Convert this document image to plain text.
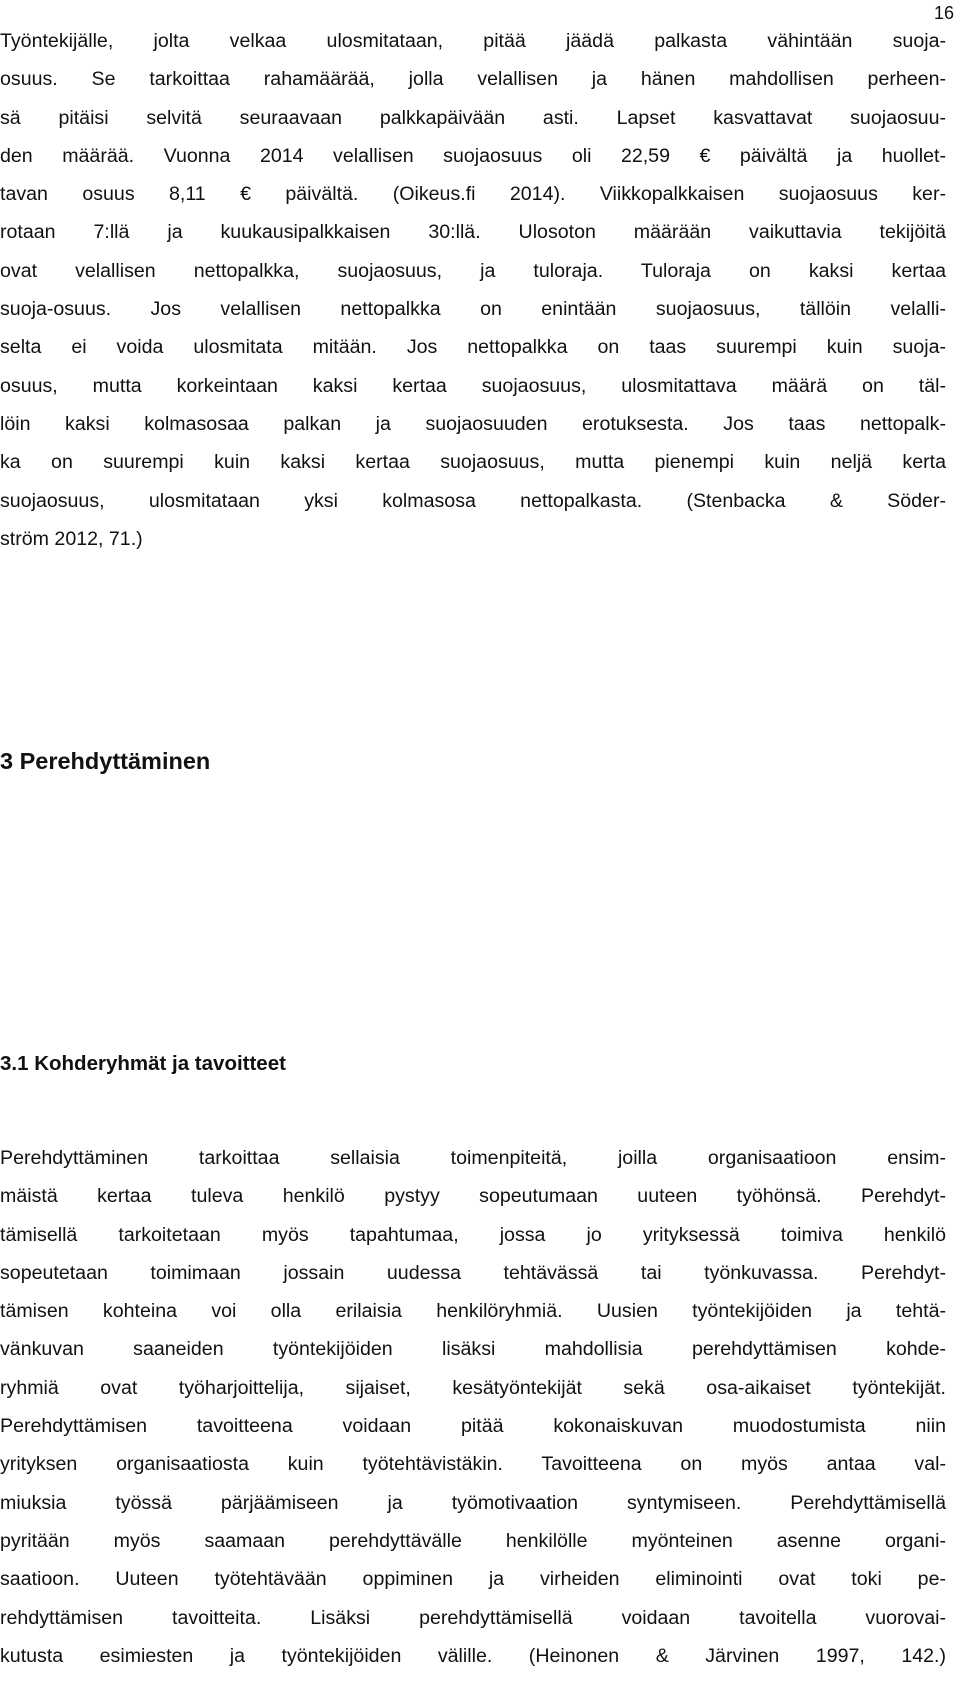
16
Työntekijälle, jolta velkaa ulosmitataan, pitää jäädä palkasta vähintään suoja-
osuus. Se tarkoittaa rahamäärää, jolla velallisen ja hänen mahdollisen perheen-
sä pitäisi selvitä seuraavaan palkkapäivään asti. Lapset kasvattavat suojaosuu-
den määrää. Vuonna 2014 velallisen suojaosuus oli 22,59 € päivältä ja huollet-
tavan osuus 8,11 € päivältä. (Oikeus.fi 2014). Viikkopalkkaisen suojaosuus ker-
rotaan 7:llä ja kuukausipalkkaisen 30:llä. Ulosoton määrään vaikuttavia tekijöitä
ovat velallisen nettopalkka, suojaosuus, ja tuloraja. Tuloraja on kaksi kertaa
suoja-osuus. Jos velallisen nettopalkka on enintään suojaosuus, tällöin velalli-
selta ei voida ulosmitata mitään. Jos nettopalkka on taas suurempi kuin suoja-
osuus, mutta korkeintaan kaksi kertaa suojaosuus, ulosmitattava määrä on täl-
löin kaksi kolmasosaa palkan ja suojaosuuden erotuksesta. Jos taas nettopalk-
ka on suurempi kuin kaksi kertaa suojaosuus, mutta pienempi kuin neljä kerta
suojaosuus, ulosmitataan yksi kolmasosa nettopalkasta. (Stenbacka & Söder-
ström 2012, 71.)
3 Perehdyttäminen
3.1 Kohderyhmät ja tavoitteet
Perehdyttäminen tarkoittaa sellaisia toimenpiteitä, joilla organisaatioon ensim-
mäistä kertaa tuleva henkilö pystyy sopeutumaan uuteen työhönsä. Perehdyt-
tämisellä tarkoitetaan myös tapahtumaa, jossa jo yrityksessä toimiva henkilö
sopeutetaan toimimaan jossain uudessa tehtävässä tai työnkuvassa. Perehdyt-
tämisen kohteina voi olla erilaisia henkilöryhmiä. Uusien työntekijöiden ja tehtä-
vänkuvan saaneiden työntekijöiden lisäksi mahdollisia perehdyttämisen kohde-
ryhmiä ovat työharjoittelija, sijaiset, kesätyöntekijät sekä osa-aikaiset työntekijät.
Perehdyttämisen tavoitteena voidaan pitää kokonaiskuvan muodostumista niin
yrityksen organisaatiosta kuin työtehtävistäkin. Tavoitteena on myös antaa val-
miuksia työssä pärjäämiseen ja työmotivaation syntymiseen. Perehdyttämisellä
pyritään myös saamaan perehdyttävälle henkilölle myönteinen asenne organi-
saatioon. Uuteen työtehtävään oppiminen ja virheiden eliminointi ovat toki pe-
rehdyttämisen tavoitteita. Lisäksi perehdyttämisellä voidaan tavoitella vuorovai-
kutusta esimiesten ja työntekijöiden välille. (Heinonen & Järvinen 1997, 142.)
